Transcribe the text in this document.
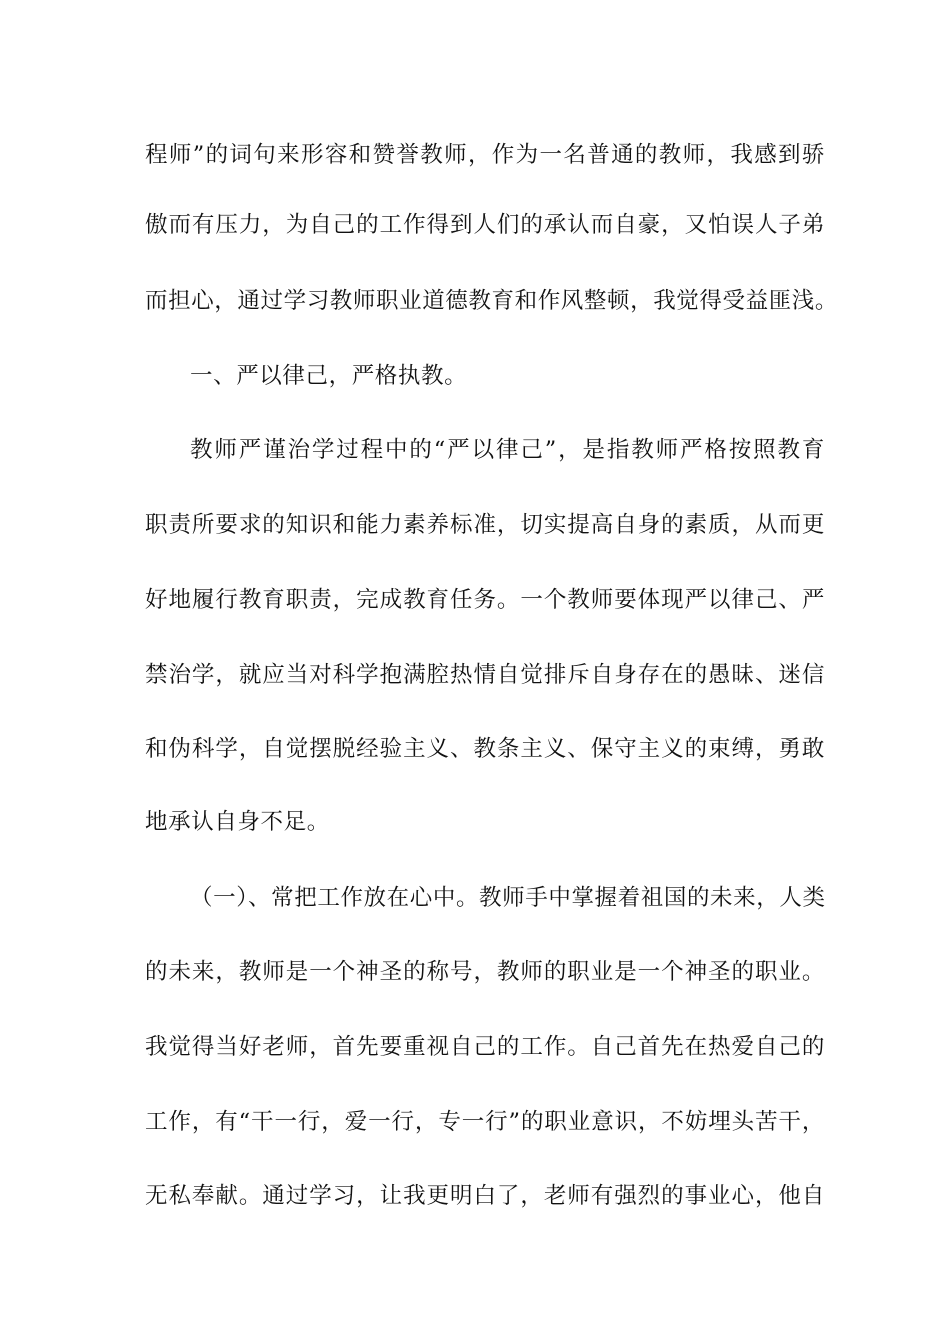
程师”的词句来形容和赞誉教师，作为一名普通的教师，我感到骄
傲而有压力，为自己的工作得到人们的承认而自豪，又怕误人子弟
而担心，通过学习教师职业道德教育和作风整顿，我觉得受益匪浅。
一、严以律己，严格执教。
教师严谨治学过程中的“严以律己”，是指教师严格按照教育
职责所要求的知识和能力素养标准，切实提高自身的素质，从而更
好地履行教育职责，完成教育任务。一个教师要体现严以律己、严
禁治学，就应当对科学抱满腔热情自觉排斥自身存在的愚昧、迷信
和伪科学，自觉摆脱经验主义、教条主义、保守主义的束缚，勇敢
地承认自身不足。
（一）、常把工作放在心中。教师手中掌握着祖国的未来，人类
的未来，教师是一个神圣的称号，教师的职业是一个神圣的职业。
我觉得当好老师，首先要重视自己的工作。自己首先在热爱自己的
工作，有“干一行，爱一行，专一行”的职业意识，不妨埋头苦干，
无私奉献。通过学习，让我更明白了，老师有强烈的事业心，他自
